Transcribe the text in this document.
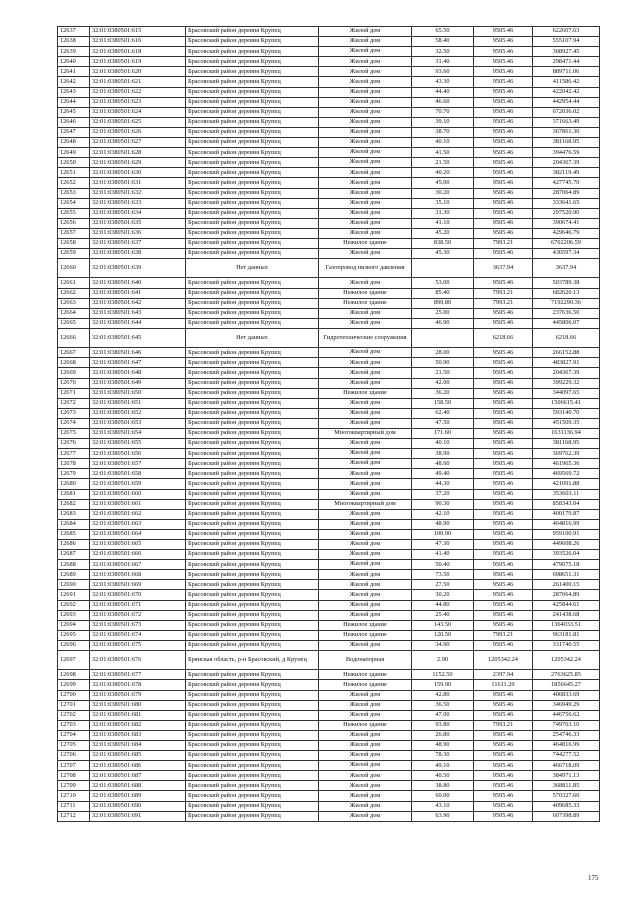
12637	32:01:0380501:615	Брасовский район деревня Крупец	Жилой дом	65.50	9505.46	622607.63
12638	32:01:0380501:616	Брасовский район деревня Крупец	Жилой дом	58.40	9505.46	555107.94
12639	32:01:0380501:618	Брасовский район деревня Крупец	Жилой дом	32.50	9505.46	308927.45
12640	32:01:0380501:619	Брасовский район деревня Крупец	Жилой дом	31.40	9505.46	298471.44
12641	32:01:0380501:620	Брасовский район деревня Крупец	Жилой дом	93.60	9505.46	889711.06
12642	32:01:0380501:621	Брасовский район деревня Крупец	Жилой дом	43.30	9505.46	411586.42
12643	32:01:0380501:622	Брасовский район деревня Крупец	Жилой дом	44.40	9505.46	422042.42
12644	32:01:0380501:623	Брасовский район деревня Крупец	Жилой дом	46.60	9505.46	442954.44
12645	32:01:0380501:624	Брасовский район деревня Крупец	Жилой дом	70.70	9505.46	672036.02
12646	32:01:0380501:625	Брасовский район деревня Крупец	Жилой дом	39.10	9505.46	371663.49
12647	32:01:0380501:626	Брасовский район деревня Крупец	Жилой дом	38.70	9505.46	367861.30
12648	32:01:0380501:627	Брасовский район деревня Крупец	Жилой дом	40.10	9505.46	381168.95
12649	32:01:0380501:628	Брасовский район деревня Крупец	Жилой дом	41.50	9505.46	394476.59
12650	32:01:0380501:629	Брасовский район деревня Крупец	Жилой дом	21.50	9505.46	204367.39
12651	32:01:0380501:630	Брасовский район деревня Крупец	Жилой дом	40.20	9505.46	382119.49
12652	32:01:0380501:631	Брасовский район деревня Крупец	Жилой дом	45.00	9505.46	427745.70
12653	32:01:0380501:632	Брасовский район деревня Крупец	Жилой дом	30.20	9505.46	287064.89
12654	32:01:0380501:633	Брасовский район деревня Крупец	Жилой дом	35.10	9505.46	333641.65
12655	32:01:0380501:634	Брасовский район деревня Крупец	Жилой дом	31.30	9505.46	297520.90
12656	32:01:0380501:635	Брасовский район деревня Крупец	Жилой дом	41.10	9505.46	390674.41
12657	32:01:0380501:636	Брасовский район деревня Крупец	Жилой дом	45.20	9505.46	429646.79
12658	32:01:0380501:637	Брасовский район деревня Крупец	Нежилое здание	838.50	7993.21	6702206.59
12659	32:01:0380501:638	Брасовский район деревня Крупец	Жилой дом	45.30	9505.46	430597.34
12660	32:01:0380501:639	Нет данных	Газопровод низкого давления		3637.94	3637.94
12661	32:01:0380501:640	Брасовский район деревня Крупец	Жилой дом	53.00	9505.46	503789.38
12662	32:01:0380501:641	Брасовский район деревня Крупец	Нежилое здание	85.40	7993.21	682620.13
12663	32:01:0380501:642	Брасовский район деревня Крупец	Нежилое здание	899.80	7993.21	7192290.36
12664	32:01:0380501:643	Брасовский район деревня Крупец	Жилой дом	25.00	9505.46	237636.50
12665	32:01:0380501:644	Брасовский район деревня Крупец	Жилой дом	46.90	9505.46	445806.07
12666	32:01:0380501:645	Нет данных	Гидротехнические сооружения		6218.66	6218.66
12667	32:01:0380501:646	Брасовский район деревня Крупец	Жилой дом	28.00	9505.46	266152.88
12668	32:01:0380501:647	Брасовский район деревня Крупец	Жилой дом	50.90	9505.46	483827.91
12669	32:01:0380501:648	Брасовский район деревня Крупец	Жилой дом	21.50	9505.46	204367.39
12670	32:01:0380501:649	Брасовский район деревня Крупец	Жилой дом	42.00	9505.46	399229.32
12671	32:01:0380501:650	Брасовский район деревня Крупец	Нежилое здание	36.20	9505.46	344097.65
12672	32:01:0380501:651	Брасовский район деревня Крупец	Жилой дом	158.50	9505.46	1506615.41
12673	32:01:0380501:652	Брасовский район деревня Крупец	Жилой дом	62.40	9505.46	593140.70
12674	32:01:0380501:653	Брасовский район деревня Крупец	Жилой дом	47.50	9505.46	451509.35
12675	32:01:0380501:654	Брасовский район деревня Крупец	Многоквартирный дом	171.60	9505.46	1631136.94
12676	32:01:0380501:655	Брасовский район деревня Крупец	Жилой дом	40.10	9505.46	381168.95
12677	32:01:0380501:656	Брасовский район деревня Крупец	Жилой дом	38.90	9505.46	369762.39
12678	32:01:0380501:657	Брасовский район деревня Крупец	Жилой дом	48.60	9505.46	461965.36
12679	32:01:0380501:658	Брасовский район деревня Крупец	Жилой дом	49.40	9505.46	469569.72
12680	32:01:0380501:659	Брасовский район деревня Крупец	Жилой дом	44.30	9505.46	421091.88
12681	32:01:0380501:660	Брасовский район деревня Крупец	Жилой дом	37.20	9505.46	353603.11
12682	32:01:0380501:661	Брасовский район деревня Крупец	Многоквартирный дом	90.30	9505.46	858343.04
12683	32:01:0380501:662	Брасовский район деревня Крупец	Жилой дом	42.10	9505.46	400179.87
12684	32:01:0380501:663	Брасовский район деревня Крупец	Жилой дом	48.90	9505.46	464816.99
12685	32:01:0380501:664	Брасовский район деревня Крупец	Жилой дом	100.90	9505.46	959100.91
12686	32:01:0380501:665	Брасовский район деревня Крупец	Жилой дом	47.30	9505.46	449608.26
12687	32:01:0380501:666	Брасовский район деревня Крупец	Жилой дом	41.40	9505.46	393526.04
12688	32:01:0380501:667	Брасовский район деревня Крупец	Жилой дом	50.40	9505.46	479075.18
12689	32:01:0380501:668	Брасовский район деревня Крупец	Жилой дом	73.50	9505.46	698651.31
12690	32:01:0380501:669	Брасовский район деревня Крупец	Жилой дом	27.50	9505.46	261400.15
12691	32:01:0380501:670	Брасовский район деревня Крупец	Жилой дом	30.20	9505.46	287064.89
12692	32:01:0380501:671	Брасовский район деревня Крупец	Жилой дом	44.80	9505.46	425844.61
12693	32:01:0380501:672	Брасовский район деревня Крупец	Жилой дом	25.40	9505.46	241438.68
12694	32:01:0380501:673	Брасовский район деревня Крупец	Нежилое здание	143.50	9505.46	1364033.51
12695	32:01:0380501:674	Брасовский район деревня Крупец	Нежилое здание	120.50	7993.21	963181.81
12696	32:01:0380501:675	Брасовский район деревня Крупец	Жилой дом	34.90	9505.46	331740.55
12697	32:01:0380501:676	Брянская область, р-н Брасовский, д Крупец	Водонапорная	2.90	1205342.24	1205342.24
12698	32:01:0380501:677	Брасовский район деревня Крупец	Нежилое здание	1152.50	2397.94	2763625.85
12699	32:01:0380501:678	Брасовский район деревня Крупец	Нежилое здание	159.90	11611.29	1856645.27
12700	32:01:0380501:679	Брасовский район деревня Крупец	Жилой дом	42.80	9505.46	406833.69
12701	32:01:0380501:680	Брасовский район деревня Крупец	Жилой дом	36.50	9505.46	346949.29
12702	32:01:0380501:681	Брасовский район деревня Крупец	Жилой дом	47.00	9505.46	446756.62
12703	32:01:0380501:682	Брасовский район деревня Крупец	Нежилое здание	93.80	7993.21	749763.10
12704	32:01:0380501:683	Брасовский район деревня Крупец	Жилой дом	26.80	9505.46	254746.33
12705	32:01:0380501:684	Брасовский район деревня Крупец	Жилой дом	48.90	9505.46	464816.99
12706	32:01:0380501:685	Брасовский район деревня Крупец	Жилой дом	78.30	9505.46	744277.52
12707	32:01:0380501:686	Брасовский район деревня Крупец	Жилой дом	49.10	9505.46	466718.09
12708	32:01:0380501:687	Брасовский район деревня Крупец	Жилой дом	40.50	9505.46	384971.13
12709	32:01:0380501:688	Брасовский район деревня Крупец	Жилой дом	38.80	9505.46	368811.85
12710	32:01:0380501:689	Брасовский район деревня Крупец	Жилой дом	60.00	9505.46	570327.60
12711	32:01:0380501:690	Брасовский район деревня Крупец	Жилой дом	43.10	9505.46	409685.33
12712	32:01:0380501:691	Брасовский район деревня Крупец	Жилой дом	63.90	9505.46	607398.89
175
